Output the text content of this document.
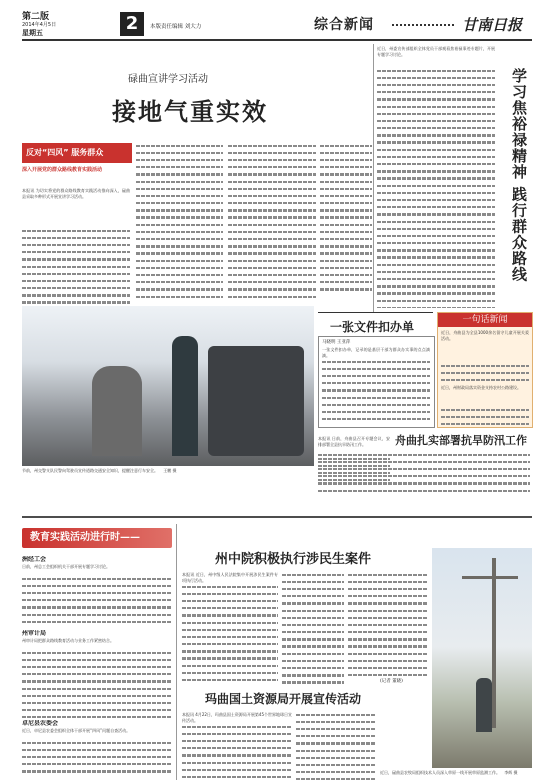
第二版
2014年4月5日
星期五	2	本版责任编辑 刘大力	综合新闻	甘南日报
碌曲宣讲学习活动
接地气重实效
反对“四风” 服务群众
深入开展党的群众路线教育实践活动
本报讯 为切实将党的群众路线教育实践活动推向深入，碌曲县采取多种形式开展宣讲学习活动。
近日，州委宣传部组织全体党员干部观看焦裕禄事迹专题片，开展专题学习讨论。
学习焦裕禄精神 践行群众路线
节前，州交警支队民警向驾驶员宣传道路交通安全知识，提醒注意行车安全。 王鹏 摄
一张文件扣办单
马晓明 王亚萍
一张文件扣办单，记录的是基层干部为群众办实事的点点滴滴。
一句话新闻
近日，舟曲县为全县1000余名留守儿童开展关爱活动。
近日，州财政局落实资金支持农村公路建设。
舟曲扎实部署抗旱防汛工作
本报讯 日前，舟曲县召开专题会议，安排部署全县抗旱防汛工作。
教育实践活动进行时——
洲经工会
日前，州总工会组织机关干部开展专题学习讨论。
州审计局
州审计局把群众路线教育活动与业务工作紧密结合。
卓尼县农委会
近日，卓尼县农委会组织全体干部开展“四风”问题自查活动。
州中院积极执行涉民生案件
本报讯 近日，州中级人民法院集中开展涉民生案件专项执行活动。
(记者 董晓)
玛曲国土资源局开展宣传活动
本报讯 4月22日，玛曲县国土资源局开展第45个世界地球日宣传活动。
近日，碌曲县农牧局组织技术人员深入草原一线开展草原监测工作。 李辉 摄
